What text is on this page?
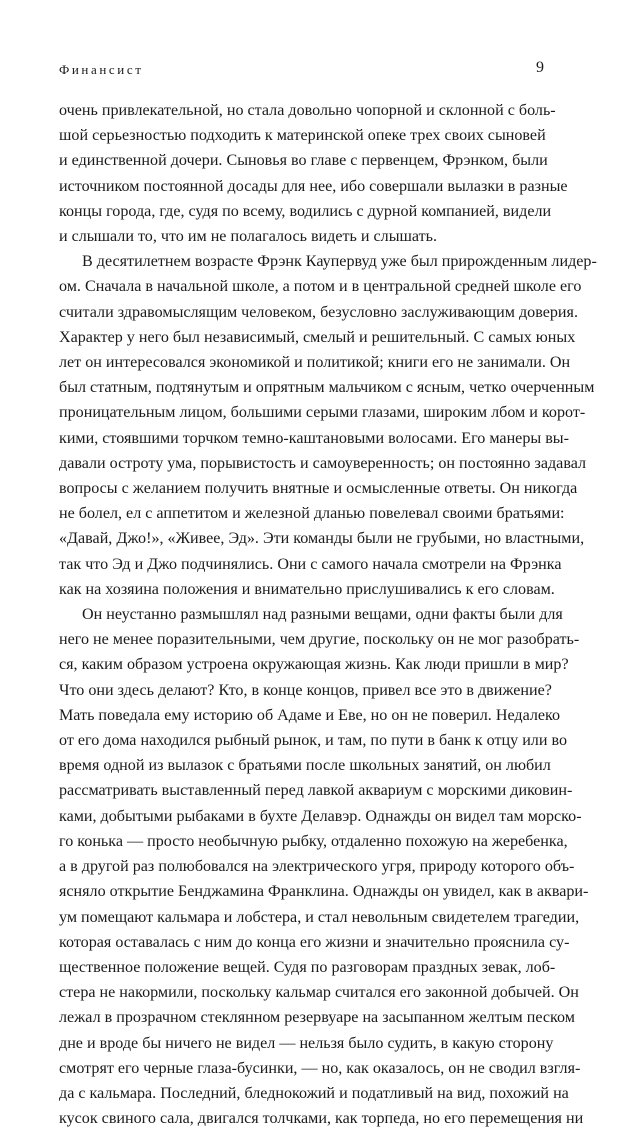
Финансист	9
очень привлекательной, но стала довольно чопорной и склонной с боль-
шой серьезностью подходить к материнской опеке трех своих сыновей
и единственной дочери. Сыновья во главе с первенцем, Фрэнком, были
источником постоянной досады для нее, ибо совершали вылазки в разные
концы города, где, судя по всему, водились с дурной компанией, видели
и слышали то, что им не полагалось видеть и слышать.
В десятилетнем возрасте Фрэнк Каупервуд уже был прирожденным лидер-
ом. Сначала в начальной школе, а потом и в центральной средней школе его
считали здравомыслящим человеком, безусловно заслуживающим доверия.
Характер у него был независимый, смелый и решительный. С самых юных
лет он интересовался экономикой и политикой; книги его не занимали. Он
был статным, подтянутым и опрятным мальчиком с ясным, четко очерченным
проницательным лицом, большими серыми глазами, широким лбом и корот-
кими, стоявшими торчком темно-каштановыми волосами. Его манеры вы-
давали остроту ума, порывистость и самоуверенность; он постоянно задавал
вопросы с желанием получить внятные и осмысленные ответы. Он никогда
не болел, ел с аппетитом и железной дланью повелевал своими братьями:
«Давай, Джо!», «Живее, Эд». Эти команды были не грубыми, но властными,
так что Эд и Джо подчинялись. Они с самого начала смотрели на Фрэнка
как на хозяина положения и внимательно прислушивались к его словам.
Он неустанно размышлял над разными вещами, одни факты были для
него не менее поразительными, чем другие, поскольку он не мог разобрать-
ся, каким образом устроена окружающая жизнь. Как люди пришли в мир?
Что они здесь делают? Кто, в конце концов, привел все это в движение?
Мать поведала ему историю об Адаме и Еве, но он не поверил. Недалеко
от его дома находился рыбный рынок, и там, по пути в банк к отцу или во
время одной из вылазок с братьями после школьных занятий, он любил
рассматривать выставленный перед лавкой аквариум с морскими диковин-
ками, добытыми рыбаками в бухте Делавэр. Однажды он видел там морско-
го конька — просто необычную рыбку, отдаленно похожую на жеребенка,
а в другой раз полюбовался на электрического угря, природу которого объ-
ясняло открытие Бенджамина Франклина. Однажды он увидел, как в аквари-
ум помещают кальмара и лобстера, и стал невольным свидетелем трагедии,
которая оставалась с ним до конца его жизни и значительно прояснила су-
щественное положение вещей. Судя по разговорам праздных зевак, лоб-
стера не накормили, поскольку кальмар считался его законной добычей. Он
лежал в прозрачном стеклянном резервуаре на засыпанном желтым песком
дне и вроде бы ничего не видел — нельзя было судить, в какую сторону
смотрят его черные глаза-бусинки, — но, как оказалось, он не сводил взгля-
да с кальмара. Последний, бледнокожий и податливый на вид, похожий на
кусок свиного сала, двигался толчками, как торпеда, но его перемещения ни
